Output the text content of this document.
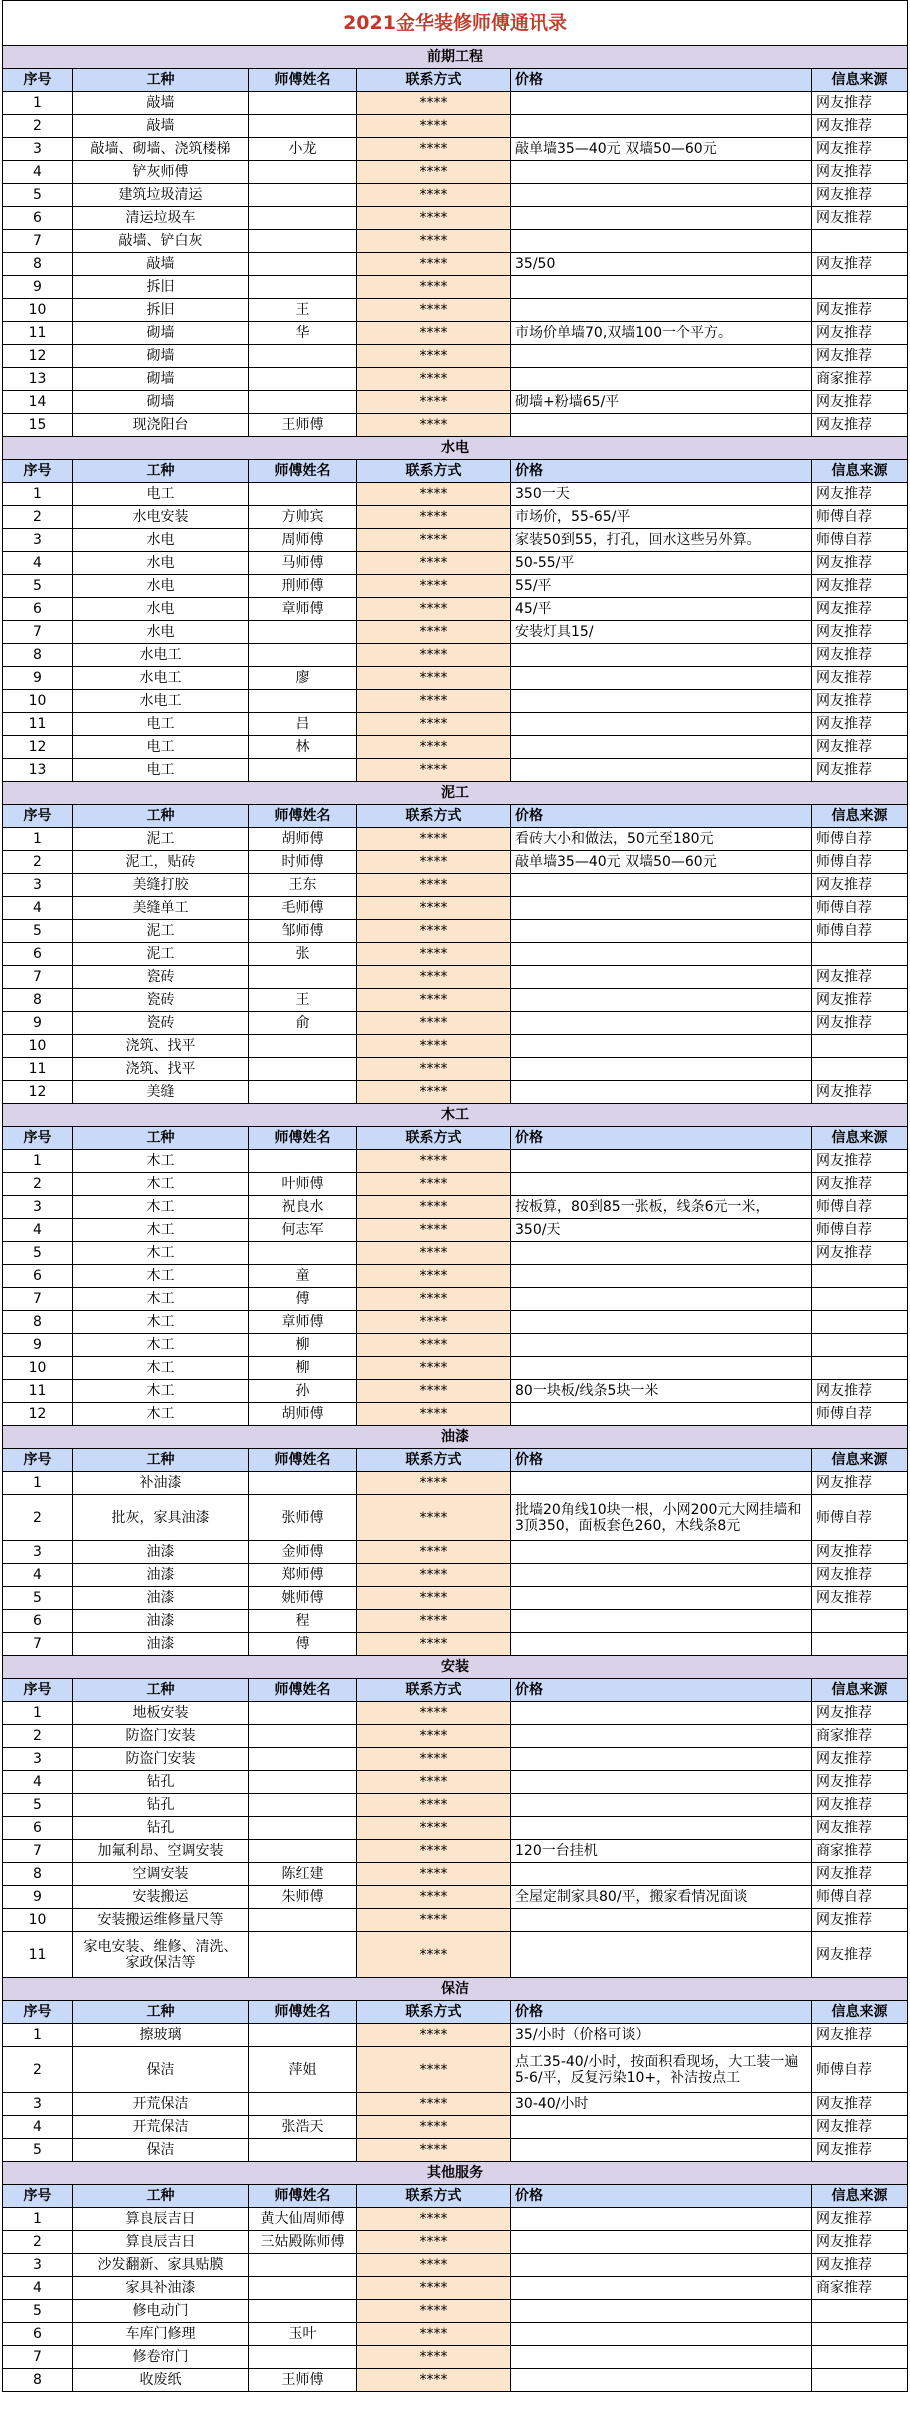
2021金华装修师傅通讯录					
前期工程					
序号	工种	师傅姓名	联系方式	价格	信息来源
1	敲墙		****		网友推荐
2	敲墙		****		网友推荐
3	敲墙、砌墙、浇筑楼梯	小龙	****	敲单墙35—40元 双墙50—60元	网友推荐
4	铲灰师傅		****		网友推荐
5	建筑垃圾清运		****		网友推荐
6	清运垃圾车		****		网友推荐
7	敲墙、铲白灰		****		
8	敲墙		****	35/50	网友推荐
9	拆旧		****		
10	拆旧	王	****		网友推荐
11	砌墙	华	****	市场价单墙70,双墙100一个平方。	网友推荐
12	砌墙		****		网友推荐
13	砌墙		****		商家推荐
14	砌墙		****	砌墙+粉墙65/平	网友推荐
15	现浇阳台	王师傅	****		网友推荐
水电					
序号	工种	师傅姓名	联系方式	价格	信息来源
1	电工		****	350一天	网友推荐
2	水电安装	方帅宾	****	市场价，55-65/平	师傅自荐
3	水电	周师傅	****	家装50到55，打孔，回水这些另外算。	师傅自荐
4	水电	马师傅	****	50-55/平	网友推荐
5	水电	刑师傅	****	55/平	网友推荐
6	水电	章师傅	****	45/平	网友推荐
7	水电		****	安装灯具15/	网友推荐
8	水电工		****		网友推荐
9	水电工	廖	****		网友推荐
10	水电工		****		网友推荐
11	电工	吕	****		网友推荐
12	电工	林	****		网友推荐
13	电工		****		网友推荐
泥工					
序号	工种	师傅姓名	联系方式	价格	信息来源
1	泥工	胡师傅	****	看砖大小和做法，50元至180元	师傅自荐
2	泥工，贴砖	时师傅	****	敲单墙35—40元 双墙50—60元	师傅自荐
3	美缝打胶	王东	****		网友推荐
4	美缝单工	毛师傅	****		师傅自荐
5	泥工	邹师傅	****		师傅自荐
6	泥工	张	****		
7	瓷砖		****		网友推荐
8	瓷砖	王	****		网友推荐
9	瓷砖	俞	****		网友推荐
10	浇筑、找平		****		
11	浇筑、找平		****		
12	美缝		****		网友推荐
木工					
序号	工种	师傅姓名	联系方式	价格	信息来源
1	木工		****		网友推荐
2	木工	叶师傅	****		网友推荐
3	木工	祝良水	****	按板算，80到85一张板，线条6元一米，	师傅自荐
4	木工	何志军	****	350/天	师傅自荐
5	木工		****		网友推荐
6	木工	童	****		
7	木工	傅	****		
8	木工	章师傅	****		
9	木工	柳	****		
10	木工	柳	****		
11	木工	孙	****	80一块板/线条5块一米	网友推荐
12	木工	胡师傅	****		师傅自荐
油漆					
序号	工种	师傅姓名	联系方式	价格	信息来源
1	补油漆		****		网友推荐
2	批灰，家具油漆	张师傅	****	批墙20角线10块一根，小网200元大网挂墙和3顶350，面板套色260，木线条8元	师傅自荐
3	油漆	金师傅	****		网友推荐
4	油漆	郑师傅	****		网友推荐
5	油漆	姚师傅	****		网友推荐
6	油漆	程	****		
7	油漆	傅	****		
安装					
序号	工种	师傅姓名	联系方式	价格	信息来源
1	地板安装		****		网友推荐
2	防盗门安装		****		商家推荐
3	防盗门安装		****		网友推荐
4	钻孔		****		网友推荐
5	钻孔		****		网友推荐
6	钻孔		****		网友推荐
7	加氟利昂、空调安装		****	120一台挂机	商家推荐
8	空调安装	陈红建	****		网友推荐
9	安装搬运	朱师傅	****	全屋定制家具80/平，搬家看情况面谈	师傅自荐
10	安装搬运维修量尺等		****		网友推荐
11	家电安装、维修、清洗、家政保洁等		****		网友推荐
保洁					
序号	工种	师傅姓名	联系方式	价格	信息来源
1	擦玻璃		****	35/小时（价格可谈）	网友推荐
2	保洁	萍姐	****	点工35-40/小时，按面积看现场，大工装一遍5-6/平，反复污染10+，补洁按点工	师傅自荐
3	开荒保洁		****	30-40/小时	网友推荐
4	开荒保洁	张浩天	****		网友推荐
5	保洁		****		网友推荐
其他服务					
序号	工种	师傅姓名	联系方式	价格	信息来源
1	算良辰吉日	黄大仙周师傅	****		网友推荐
2	算良辰吉日	三姑殿陈师傅	****		网友推荐
3	沙发翻新、家具贴膜		****		网友推荐
4	家具补油漆		****		商家推荐
5	修电动门		****		
6	车库门修理	玉叶	****		
7	修卷帘门		****		
8	收废纸	王师傅	****		
